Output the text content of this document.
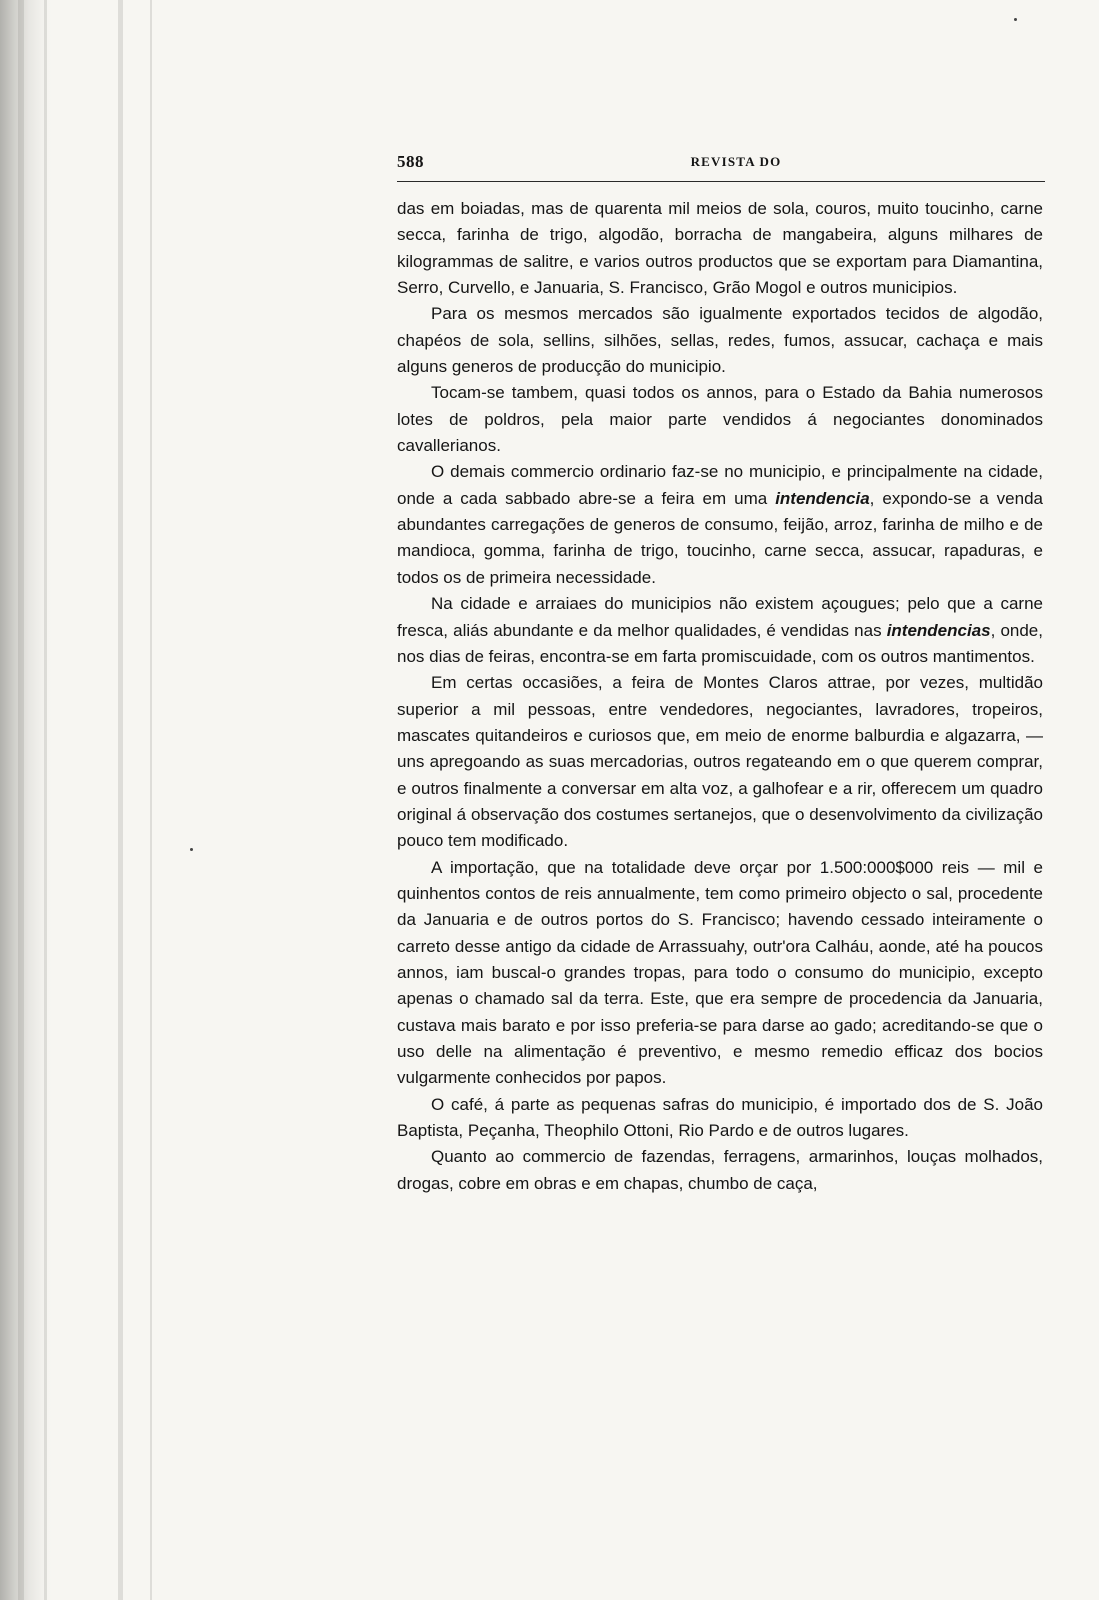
588	REVISTA DO

das em boiadas, mas de quarenta mil meios de sola, couros, muito toucinho, carne secca, farinha de trigo, algodão, borracha de mangabeira, alguns milhares de kilogrammas de salitre, e varios outros productos que se exportam para Diamantina, Serro, Curvello, e Januaria, S. Francisco, Grão Mogol e outros municipios.

Para os mesmos mercados são igualmente exportados tecidos de algodão, chapéos de sola, sellins, silhões, sellas, redes, fumos, assucar, cachaça e mais alguns generos de producção do municipio.

Tocam-se tambem, quasi todos os annos, para o Estado da Bahia numerosos lotes de poldros, pela maior parte vendidos á negociantes donominados cavallerianos.

O demais commercio ordinario faz-se no municipio, e principalmente na cidade, onde a cada sabbado abre-se a feira em uma intendencia, expondo-se a venda abundantes carregações de generos de consumo, feijão, arroz, farinha de milho e de mandioca, gomma, farinha de trigo, toucinho, carne secca, assucar, rapaduras, e todos os de primeira necessidade.

Na cidade e arraiaes do municipios não existem açougues; pelo que a carne fresca, aliás abundante e da melhor qualidades, é vendidas nas intendencias, onde, nos dias de feiras, encontra-se em farta promiscuidade, com os outros mantimentos.

Em certas occasiões, a feira de Montes Claros attrae, por vezes, multidão superior a mil pessoas, entre vendedores, negociantes, lavradores, tropeiros, mascates quitandeiros e curiosos que, em meio de enorme balburdia e algazarra, — uns apregoando as suas mercadorias, outros regateando em o que querem comprar, e outros finalmente a conversar em alta voz, a galhofear e a rir, offerecem um quadro original á observação dos costumes sertanejos, que o desenvolvimento da civilização pouco tem modificado.

A importação, que na totalidade deve orçar por 1.500:000$000 reis — mil e quinhentos contos de reis annualmente, tem como primeiro objecto o sal, procedente da Januaria e de outros portos do S. Francisco; havendo cessado inteiramente o carreto desse antigo da cidade de Arrassuahy, outr'ora Calháu, aonde, até ha poucos annos, iam buscal-o grandes tropas, para todo o consumo do municipio, excepto apenas o chamado sal da terra. Este, que era sempre de procedencia da Januaria, custava mais barato e por isso preferia-se para darse ao gado; acreditando-se que o uso delle na alimentação é preventivo, e mesmo remedio efficaz dos bocios vulgarmente conhecidos por papos.

O café, á parte as pequenas safras do municipio, é importado dos de S. João Baptista, Peçanha, Theophilo Ottoni, Rio Pardo e de outros lugares.

Quanto ao commercio de fazendas, ferragens, armarinhos, louças molhados, drogas, cobre em obras e em chapas, chumbo de caça,
